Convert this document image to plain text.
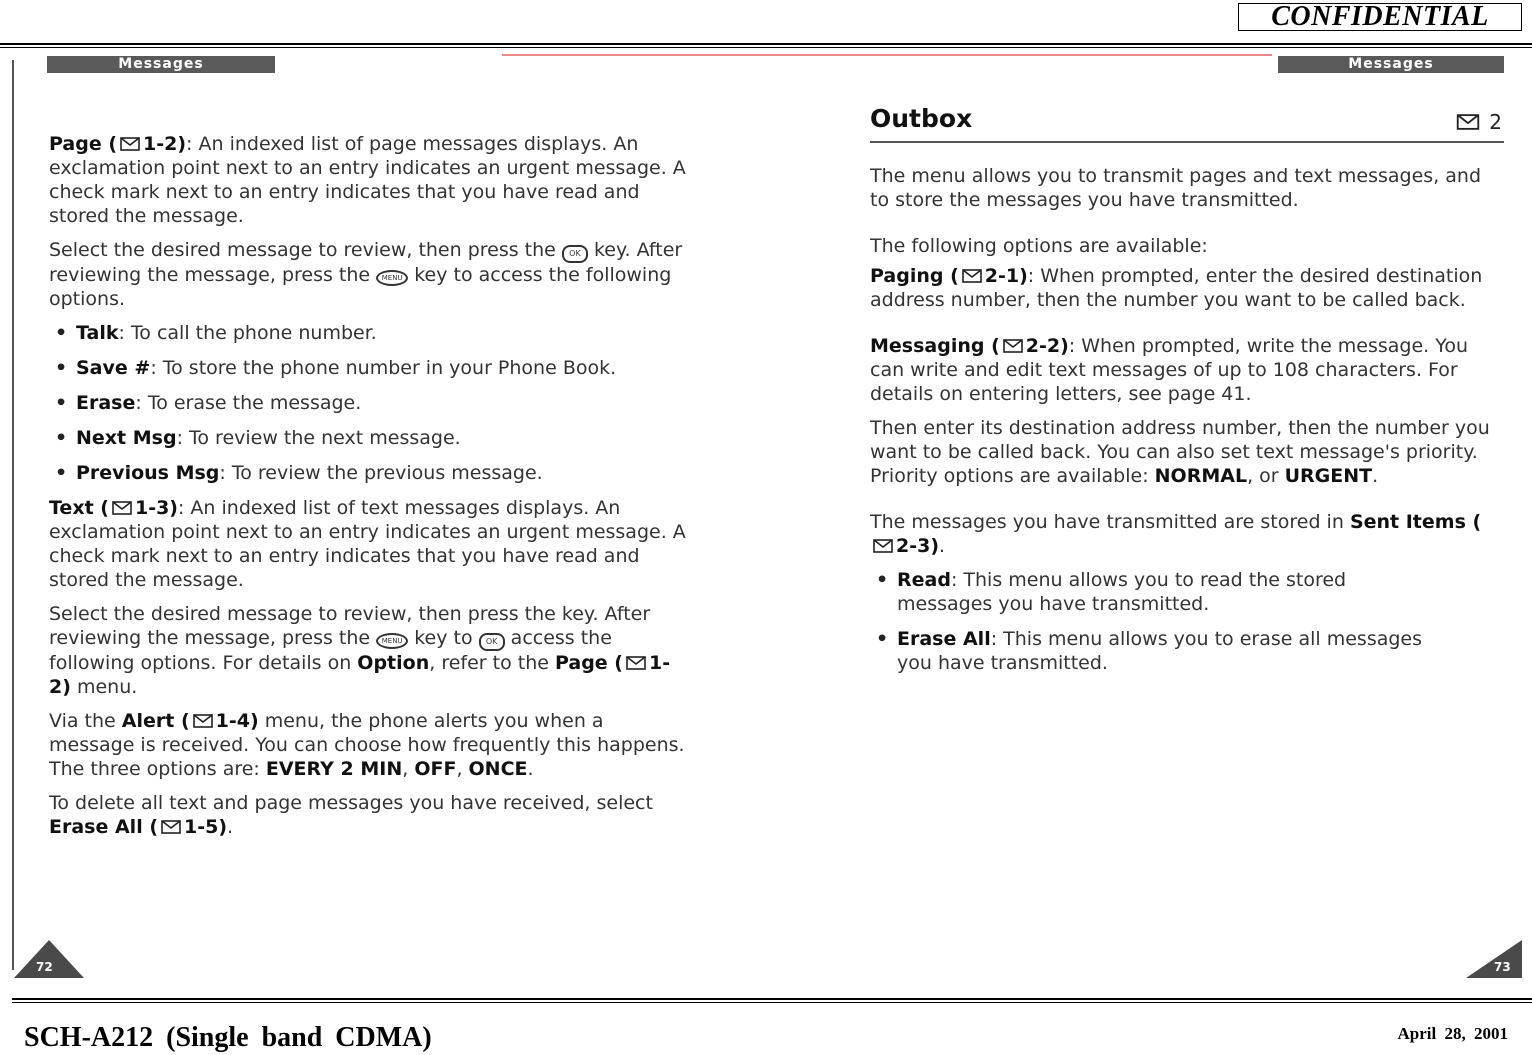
CONFIDENTIAL
Messages

Page ( 1-2): An indexed list of page messages displays. An exclamation point next to an entry indicates an urgent message. A check mark next to an entry indicates that you have read and stored the message.

Select the desired message to review, then press the OK key. After reviewing the message, press the MENU key to access the following options.

• Talk: To call the phone number.
• Save #: To store the phone number in your Phone Book.
• Erase: To erase the message.
• Next Msg: To review the next message.
• Previous Msg: To review the previous message.

Text ( 1-3): An indexed list of text messages displays. An exclamation point next to an entry indicates an urgent message. A check mark next to an entry indicates that you have read and stored the message.

Select the desired message to review, then press the key. After reviewing the message, press the MENU key to OK access the following options. For details on Option, refer to the Page ( 1-2) menu.

Via the Alert ( 1-4) menu, the phone alerts you when a message is received. You can choose how frequently this happens. The three options are: EVERY 2 MIN, OFF, ONCE.

To delete all text and page messages you have received, select Erase All ( 1-5).

72
Messages
Outbox	2

The menu allows you to transmit pages and text messages, and to store the messages you have transmitted.

The following options are available:

Paging ( 2-1): When prompted, enter the desired destination address number, then the number you want to be called back.

Messaging ( 2-2): When prompted, write the message. You can write and edit text messages of up to 108 characters. For details on entering letters, see page 41.

Then enter its destination address number, then the number you want to be called back. You can also set text message's priority. Priority options are available: NORMAL, or URGENT.

The messages you have transmitted are stored in Sent Items (
2-3).

• Read: This menu allows you to read the stored messages you have transmitted.
• Erase All: This menu allows you to erase all messages you have transmitted.
73
SCH-A212 (Single band CDMA)	April 28, 2001
